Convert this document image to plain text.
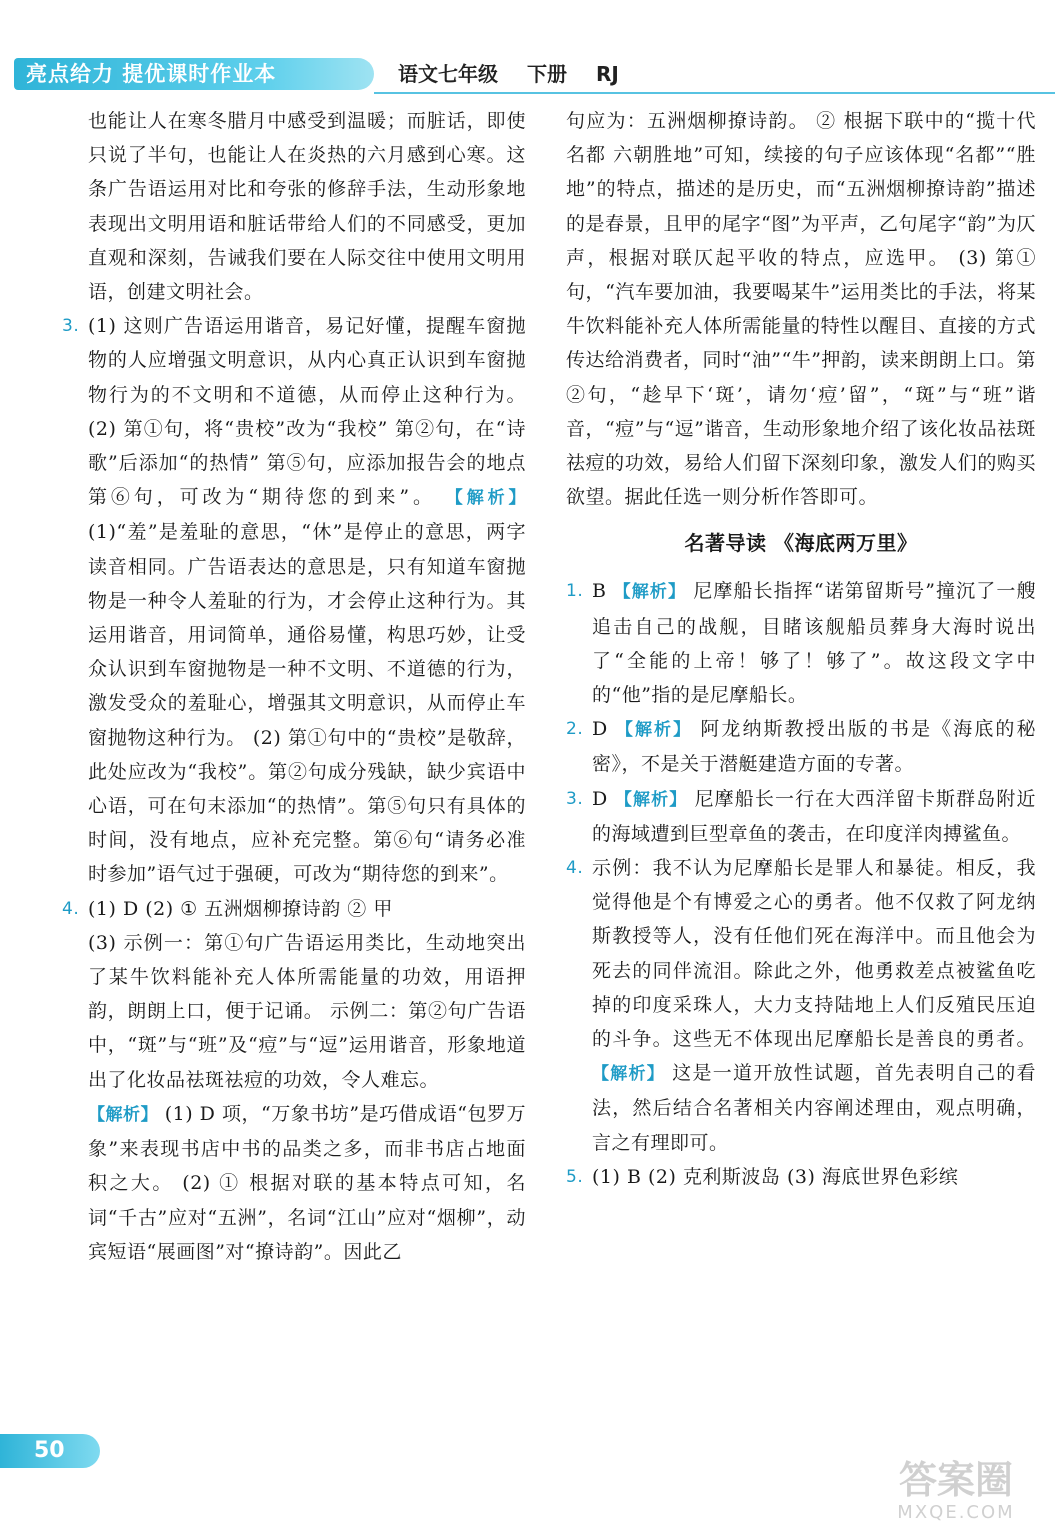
亮点给力 提优课时作业本	语文七年级 下册 RJ

也能让人在寒冬腊月中感受到温暖；而脏话，即使只说了半句，也能让人在炎热的六月感到心寒。这条广告语运用对比和夸张的修辞手法，生动形象地表现出文明用语和脏话带给人们的不同感受，更加直观和深刻，告诫我们要在人际交往中使用文明用语，创建文明社会。

3. (1) 这则广告语运用谐音，易记好懂，提醒车窗抛物的人应增强文明意识，从内心真正认识到车窗抛物行为的不文明和不道德，从而停止这种行为。 (2) 第①句，将“贵校”改为“我校” 第②句，在“诗歌”后添加“的热情” 第⑤句，应添加报告会的地点 第⑥句，可改为“期待您的到来”。 【解析】 (1)“羞”是羞耻的意思，“休”是停止的意思，两字读音相同。广告语表达的意思是，只有知道车窗抛物是一种令人羞耻的行为，才会停止这种行为。其运用谐音，用词简单，通俗易懂，构思巧妙，让受众认识到车窗抛物是一种不文明、不道德的行为，激发受众的羞耻心，增强其文明意识，从而停止车窗抛物这种行为。 (2) 第①句中的“贵校”是敬辞，此处应改为“我校”。第②句成分残缺，缺少宾语中心语，可在句末添加“的热情”。第⑤句只有具体的时间，没有地点，应补充完整。第⑥句“请务必准时参加”语气过于强硬，可改为“期待您的到来”。
4. (1) D (2) ① 五洲烟柳撩诗韵 ② 甲
(3) 示例一：第①句广告语运用类比，生动地突出了某牛饮料能补充人体所需能量的功效，用语押韵，朗朗上口，便于记诵。 示例二：第②句广告语中，“斑”与“班”及“痘”与“逗”运用谐音，形象地道出了化妆品祛斑祛痘的功效，令人难忘。
【解析】 (1) D 项，“万象书坊”是巧借成语“包罗万象”来表现书店中书的品类之多，而非书店占地面积之大。 (2) ① 根据对联的基本特点可知，名词“千古”应对“五洲”，名词“江山”应对“烟柳”，动宾短语“展画图”对“撩诗韵”。因此乙

句应为：五洲烟柳撩诗韵。 ② 根据下联中的“揽十代名都 六朝胜地”可知，续接的句子应该体现“名都”“胜地”的特点，描述的是历史，而“五洲烟柳撩诗韵”描述的是春景，且甲的尾字“图”为平声，乙句尾字“韵”为仄声，根据对联仄起平收的特点，应选甲。 (3) 第①句，“汽车要加油，我要喝某牛”运用类比的手法，将某牛饮料能补充人体所需能量的特性以醒目、直接的方式传达给消费者，同时“油”“牛”押韵，读来朗朗上口。第②句，“趁早下‘斑’，请勿‘痘’留”，“斑”与“班”谐音，“痘”与“逗”谐音，生动形象地介绍了该化妆品祛斑祛痘的功效，易给人们留下深刻印象，激发人们的购买欲望。据此任选一则分析作答即可。

名著导读 《海底两万里》
1. B 【解析】 尼摩船长指挥“诺第留斯号”撞沉了一艘追击自己的战舰，目睹该舰船员葬身大海时说出了“全能的上帝！够了！够了”。故这段文字中的“他”指的是尼摩船长。
2. D 【解析】 阿龙纳斯教授出版的书是《海底的秘密》，不是关于潜艇建造方面的专著。
3. D 【解析】 尼摩船长一行在大西洋留卡斯群岛附近的海域遭到巨型章鱼的袭击，在印度洋肉搏鲨鱼。
4. 示例：我不认为尼摩船长是罪人和暴徒。相反，我觉得他是个有博爱之心的勇者。他不仅救了阿龙纳斯教授等人，没有任他们死在海洋中。而且他会为死去的同伴流泪。除此之外，他勇救差点被鲨鱼吃掉的印度采珠人，大力支持陆地上人们反殖民压迫的斗争。这些无不体现出尼摩船长是善良的勇者。 【解析】 这是一道开放性试题，首先表明自己的看法，然后结合名著相关内容阐述理由，观点明确，言之有理即可。
5. (1) B (2) 克利斯波岛 (3) 海底世界色彩缤
50
答案圈
MXQE.COM
